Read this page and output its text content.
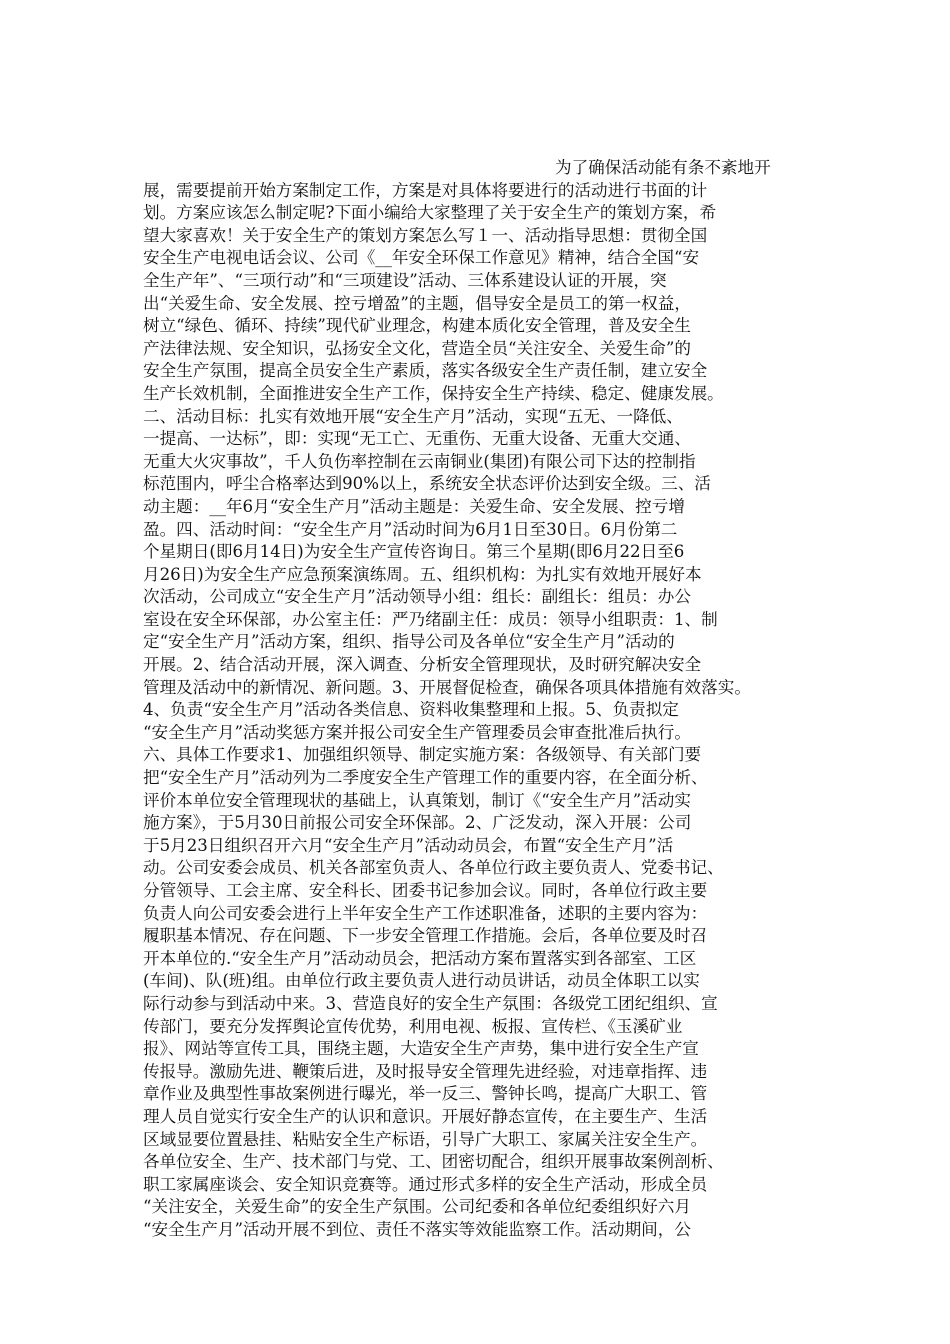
为了确保活动能有条不紊地开
展，需要提前开始方案制定工作，方案是对具体将要进行的活动进行书面的计
划。方案应该怎么制定呢?下面小编给大家整理了关于安全生产的策划方案，希
望大家喜欢！关于安全生产的策划方案怎么写１一、活动指导思想：贯彻全国
安全生产电视电话会议、公司《__年安全环保工作意见》精神，结合全国“安
全生产年”、“三项行动”和“三项建设”活动、三体系建设认证的开展，突
出“关爱生命、安全发展、控亏增盈”的主题，倡导安全是员工的第一权益，
树立“绿色、循环、持续”现代矿业理念，构建本质化安全管理，普及安全生
产法律法规、安全知识，弘扬安全文化，营造全员“关注安全、关爱生命”的
安全生产氛围，提高全员安全生产素质，落实各级安全生产责任制，建立安全
生产长效机制，全面推进安全生产工作，保持安全生产持续、稳定、健康发展。
二、活动目标：扎实有效地开展“安全生产月”活动，实现“五无、一降低、
一提高、一达标”，即：实现“无工亡、无重伤、无重大设备、无重大交通、
无重大火灾事故”，千人负伤率控制在云南铜业(集团)有限公司下达的控制指
标范围内，呼尘合格率达到90%以上，系统安全状态评价达到安全级。三、活
动主题：__年6月“安全生产月”活动主题是：关爱生命、安全发展、控亏增
盈。四、活动时间：“安全生产月”活动时间为6月1日至30日。6月份第二
个星期日(即6月14日)为安全生产宣传咨询日。第三个星期(即6月22日至6
月26日)为安全生产应急预案演练周。五、组织机构：为扎实有效地开展好本
次活动，公司成立“安全生产月”活动领导小组：组长：副组长：组员：办公
室设在安全环保部，办公室主任：严乃绪副主任：成员：领导小组职责：1、制
定“安全生产月”活动方案，组织、指导公司及各单位“安全生产月”活动的
开展。2、结合活动开展，深入调查、分析安全管理现状，及时研究解决安全
管理及活动中的新情况、新问题。3、开展督促检查，确保各项具体措施有效落实。
4、负责“安全生产月”活动各类信息、资料收集整理和上报。5、负责拟定
“安全生产月”活动奖惩方案并报公司安全生产管理委员会审查批准后执行。
六、具体工作要求1、加强组织领导、制定实施方案：各级领导、有关部门要
把“安全生产月”活动列为二季度安全生产管理工作的重要内容，在全面分析、
评价本单位安全管理现状的基础上，认真策划，制订《“安全生产月”活动实
施方案》，于5月30日前报公司安全环保部。2、广泛发动，深入开展：公司
于5月23日组织召开六月“安全生产月”活动动员会，布置“安全生产月”活
动。公司安委会成员、机关各部室负责人、各单位行政主要负责人、党委书记、
分管领导、工会主席、安全科长、团委书记参加会议。同时，各单位行政主要
负责人向公司安委会进行上半年安全生产工作述职准备，述职的主要内容为：
履职基本情况、存在问题、下一步安全管理工作措施。会后，各单位要及时召
开本单位的.“安全生产月”活动动员会，把活动方案布置落实到各部室、工区
(车间)、队(班)组。由单位行政主要负责人进行动员讲话，动员全体职工以实
际行动参与到活动中来。3、营造良好的安全生产氛围：各级党工团纪组织、宣
传部门，要充分发挥舆论宣传优势，利用电视、板报、宣传栏、《玉溪矿业
报》、网站等宣传工具，围绕主题，大造安全生产声势，集中进行安全生产宣
传报导。激励先进、鞭策后进，及时报导安全管理先进经验，对违章指挥、违
章作业及典型性事故案例进行曝光，举一反三、警钟长鸣，提高广大职工、管
理人员自觉实行安全生产的认识和意识。开展好静态宣传，在主要生产、生活
区域显要位置悬挂、粘贴安全生产标语，引导广大职工、家属关注安全生产。
各单位安全、生产、技术部门与党、工、团密切配合，组织开展事故案例剖析、
职工家属座谈会、安全知识竞赛等。通过形式多样的安全生产活动，形成全员
“关注安全，关爱生命”的安全生产氛围。公司纪委和各单位纪委组织好六月
“安全生产月”活动开展不到位、责任不落实等效能监察工作。活动期间，公
